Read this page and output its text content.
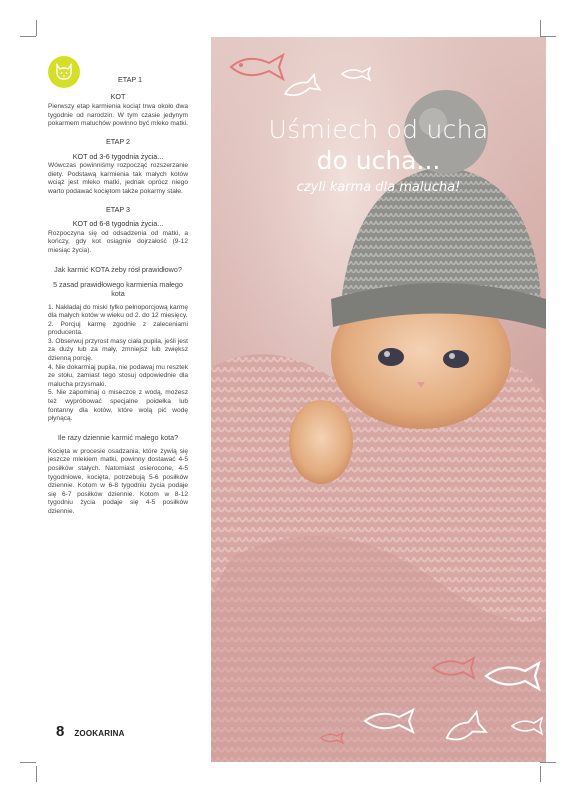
ETAP 1
KOT

Pierwszy etap karmienia kociąt trwa około dwa tygodnie od narodzin. W tym czasie jedynym pokarmem maluchów powinno być mleko matki.

ETAP 2
KOT od 3-6 tygodnia życia...

Wówczas powinniśmy rozpocząć rozszerzanie diety. Podstawą karmienia tak małych kotów wciąż jest mleko matki, jednak oprócz niego warto podawać kociętom także pokarmy stałe.

ETAP 3
KOT od 6-8 tygodnia życia...

Rozpoczyna się od odsadzenia od matki, a kończy, gdy kot osiągnie dojrzałość (9-12 miesiąc życia).

Jak karmić KOTA żeby rósł prawidłowo?
5 zasad prawidłowego karmienia małego kota

1. Nakładaj do miski tylko pełnoporcjową karmę dla małych kotów w wieku od 2. do 12 miesięcy.

2. Porcjuj karmę zgodnie z zaleceniami producenta.

3. Obserwuj przyrost masy ciała pupila, jeśli jest za duży lub za mały, zmniejsz lub zwiększ dzienną porcję.

4. Nie dokarmiaj pupila, nie podawaj mu resztek ze stołu, zamiast tego stosuj odpowiednie dla malucha przysmaki.

5. Nie zapominaj o miseczce z wodą, możesz też wypróbować specjalne poidełka lub fontanny dla kotów, które wolą pić wodę płynącą.

Ile razy dziennie karmić małego kota?

Kocięta w procesie osadzania, które żywią się jeszcze mlekiem matki, powinny dostawać 4-5 posiłków stałych. Natomiast osierocone, 4-5 tygodniowe, kocięta, potrzebują 5-6 posiłków dziennie. Kotom w 6-8 tygodniu życia podaje się 6-7 posiłków dziennie. Kotom w 8-12 tygodniu życia podaje się 4-5 posiłków dziennie.

8 ZOOKARINA
Uśmiech od ucha
do ucha...
czyli karma dla malucha!
